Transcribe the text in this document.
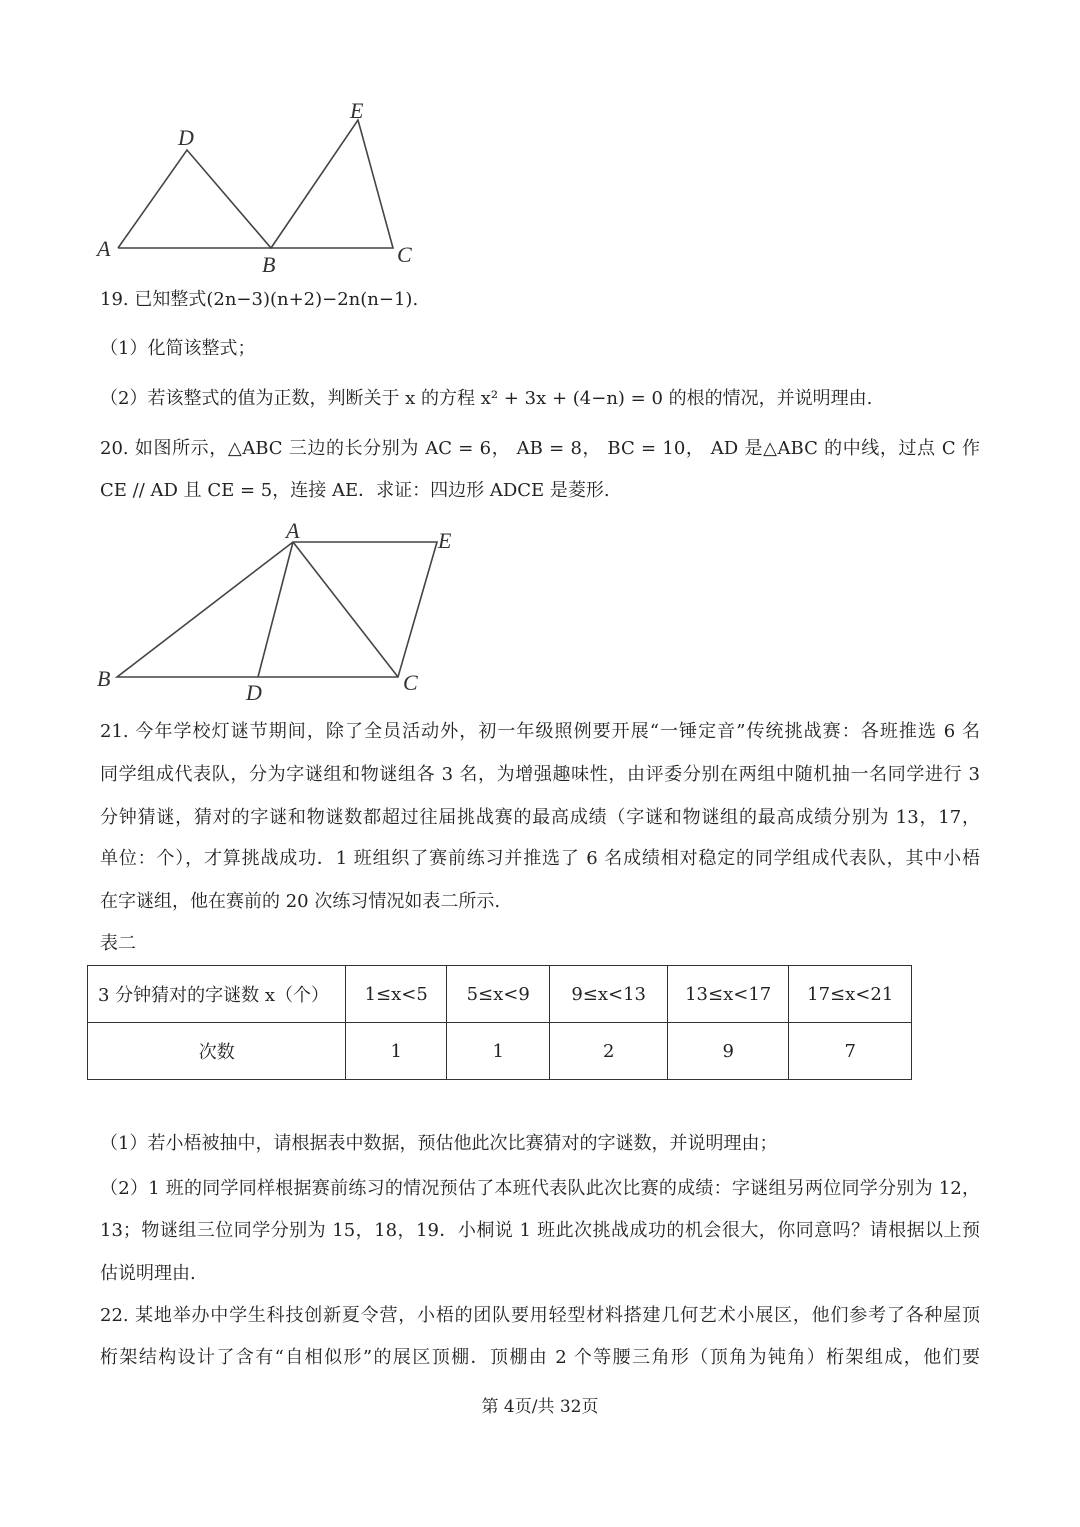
A
D
B
E
C
19. 已知整式(2n−3)(n+2)−2n(n−1).
（1）化简该整式；
（2）若该整式的值为正数，判断关于 x 的方程 x² + 3x + (4−n) = 0 的根的情况，并说明理由.
20. 如图所示，△ABC 三边的长分别为 AC = 6， AB = 8， BC = 10， AD 是△ABC 的中线，过点 C 作
CE // AD 且 CE = 5，连接 AE．求证：四边形 ADCE 是菱形.
A	E
B
D	C
21. 今年学校灯谜节期间，除了全员活动外，初一年级照例要开展“一锤定音”传统挑战赛：各班推选 6 名
同学组成代表队，分为字谜组和物谜组各 3 名，为增强趣味性，由评委分别在两组中随机抽一名同学进行 3
分钟猜谜，猜对的字谜和物谜数都超过往届挑战赛的最高成绩（字谜和物谜组的最高成绩分别为 13，17，
单位：个），才算挑战成功．1 班组织了赛前练习并推选了 6 名成绩相对稳定的同学组成代表队，其中小梧
在字谜组，他在赛前的 20 次练习情况如表二所示.
表二
3 分钟猜对的字谜数 x（个）	1≤x<5	5≤x<9	9≤x<13	13≤x<17	17≤x<21
次数	1	1	2	9	7
（1）若小梧被抽中，请根据表中数据，预估他此次比赛猜对的字谜数，并说明理由；
（2）1 班的同学同样根据赛前练习的情况预估了本班代表队此次比赛的成绩：字谜组另两位同学分别为 12，
13；物谜组三位同学分别为 15，18，19．小桐说 1 班此次挑战成功的机会很大，你同意吗？请根据以上预
估说明理由.
22. 某地举办中学生科技创新夏令营，小梧的团队要用轻型材料搭建几何艺术小展区，他们参考了各种屋顶
桁架结构设计了含有“自相似形”的展区顶棚．顶棚由 2 个等腰三角形（顶角为钝角）桁架组成，他们要
第 4页/共 32页
